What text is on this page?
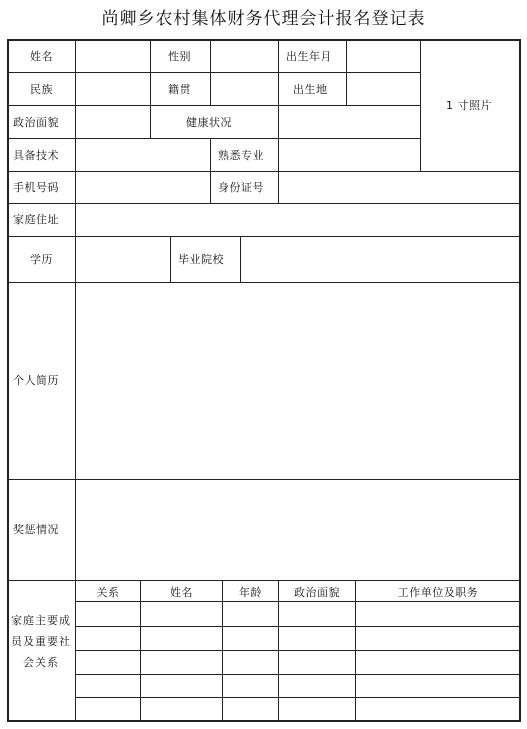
尚卿乡农村集体财务代理会计报名登记表
姓名	性别	出生年月
民族	籍贯	出生地
1 寸照片
政治面貌	健康状况
具备技术	熟悉专业
手机号码	身份证号
家庭住址
学历	毕业院校
个人简历
奖惩情况
家庭主要成员及重要社会关系
关系	姓名	年龄	政治面貌	工作单位及职务
